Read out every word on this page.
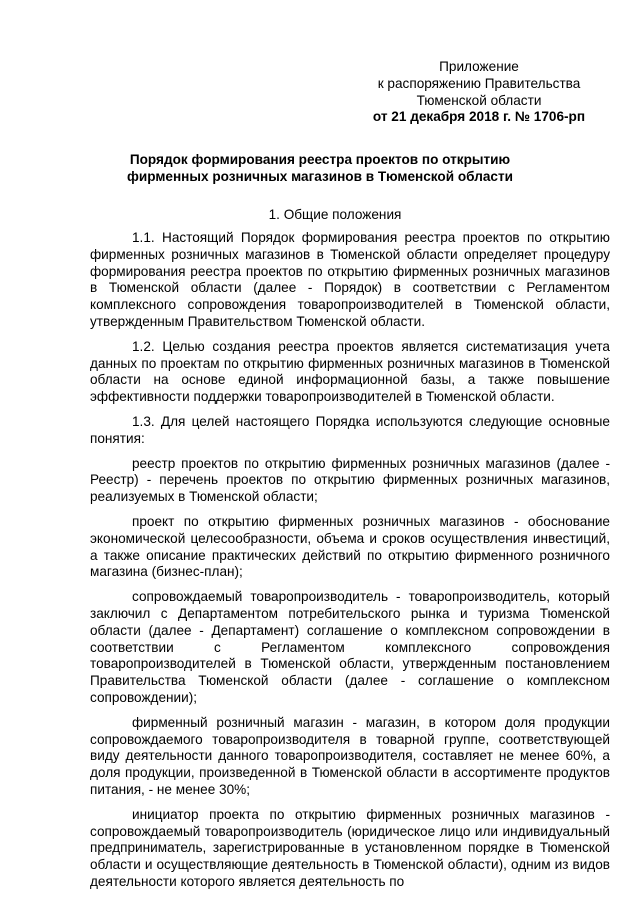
Приложение
к распоряжению Правительства
Тюменской области
от 21 декабря 2018 г. № 1706-рп
Порядок формирования реестра проектов по открытию
фирменных розничных магазинов в Тюменской области
1. Общие положения

1.1. Настоящий Порядок формирования реестра проектов по открытию фирменных розничных магазинов в Тюменской области определяет процедуру формирования реестра проектов по открытию фирменных розничных магазинов в Тюменской области (далее - Порядок) в соответствии с Регламентом комплексного сопровождения товаропроизводителей в Тюменской области, утвержденным Правительством Тюменской области.

1.2. Целью создания реестра проектов является систематизация учета данных по проектам по открытию фирменных розничных магазинов в Тюменской области на основе единой информационной базы, а также повышение эффективности поддержки товаропроизводителей в Тюменской области.

1.3. Для целей настоящего Порядка используются следующие основные понятия:

реестр проектов по открытию фирменных розничных магазинов (далее - Реестр) - перечень проектов по открытию фирменных розничных магазинов, реализуемых в Тюменской области;

проект по открытию фирменных розничных магазинов - обоснование экономической целесообразности, объема и сроков осуществления инвестиций, а также описание практических действий по открытию фирменного розничного магазина (бизнес-план);

сопровождаемый товаропроизводитель - товаропроизводитель, который заключил с Департаментом потребительского рынка и туризма Тюменской области (далее - Департамент) соглашение о комплексном сопровождении в соответствии с Регламентом комплексного сопровождения товаропроизводителей в Тюменской области, утвержденным постановлением Правительства Тюменской области (далее - соглашение о комплексном сопровождении);

фирменный розничный магазин - магазин, в котором доля продукции сопровождаемого товаропроизводителя в товарной группе, соответствующей виду деятельности данного товаропроизводителя, составляет не менее 60%, а доля продукции, произведенной в Тюменской области в ассортименте продуктов питания, - не менее 30%;

инициатор проекта по открытию фирменных розничных магазинов - сопровождаемый товаропроизводитель (юридическое лицо или индивидуальный предприниматель, зарегистрированные в установленном порядке в Тюменской области и осуществляющие деятельность в Тюменской области), одним из видов деятельности которого является деятельность по
